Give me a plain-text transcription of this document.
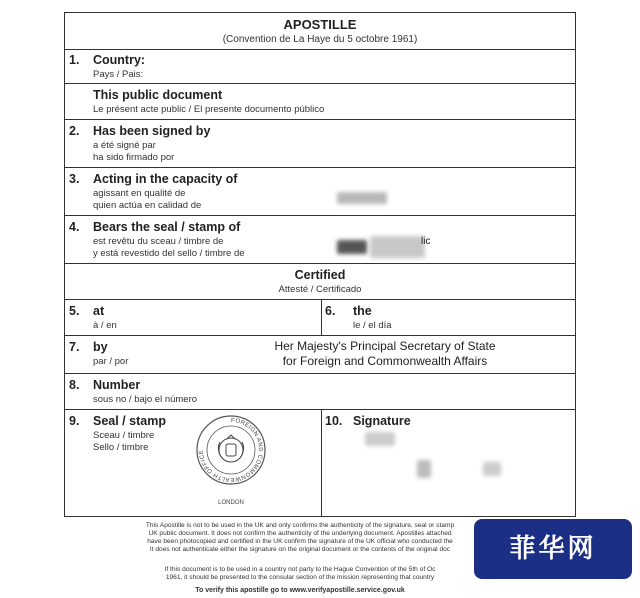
APOSTILLE
(Convention de La Haye du 5 octobre 1961)
1. Country:
Pays / Pais:
This public document
Le présent acte public / El presente documento público
2. Has been signed by
a été signé par
ha sido firmado por
3. Acting in the capacity of
agissant en qualité de
quien actúa en calidad de
4. Bears the seal / stamp of
est revêtu du sceau / timbre de
y está revestido del sello / timbre de
lic
Certified
Attesté / Certificado
5. at
à / en
6. the
le / el día
7. by
par / por
Her Majesty's Principal Secretary of State
for Foreign and Commonwealth Affairs
8. Number
sous no / bajo el número
9. Seal / stamp
Sceau / timbre
Sello / timbre
FOREIGN AND COMMONWEALTH OFFICE
LONDON
10. Signature
This Apostille is not to be used in the UK and only confirms the authenticity of the signature, seal or stamp
UK public document. It does not confirm the authenticity of the underlying document. Apostilles attached
have been photocopied and certified in the UK confirm the signature of the UK official who conducted the
It does not authenticate either the signature on the original document or the contents of the original doc
If this document is to be used in a country not party to the Hague Convention of the 5th of Oc
1961, it should be presented to the consular section of the mission representing that country
To verify this apostille go to www.verifyapostille.service.gov.uk
菲华网
